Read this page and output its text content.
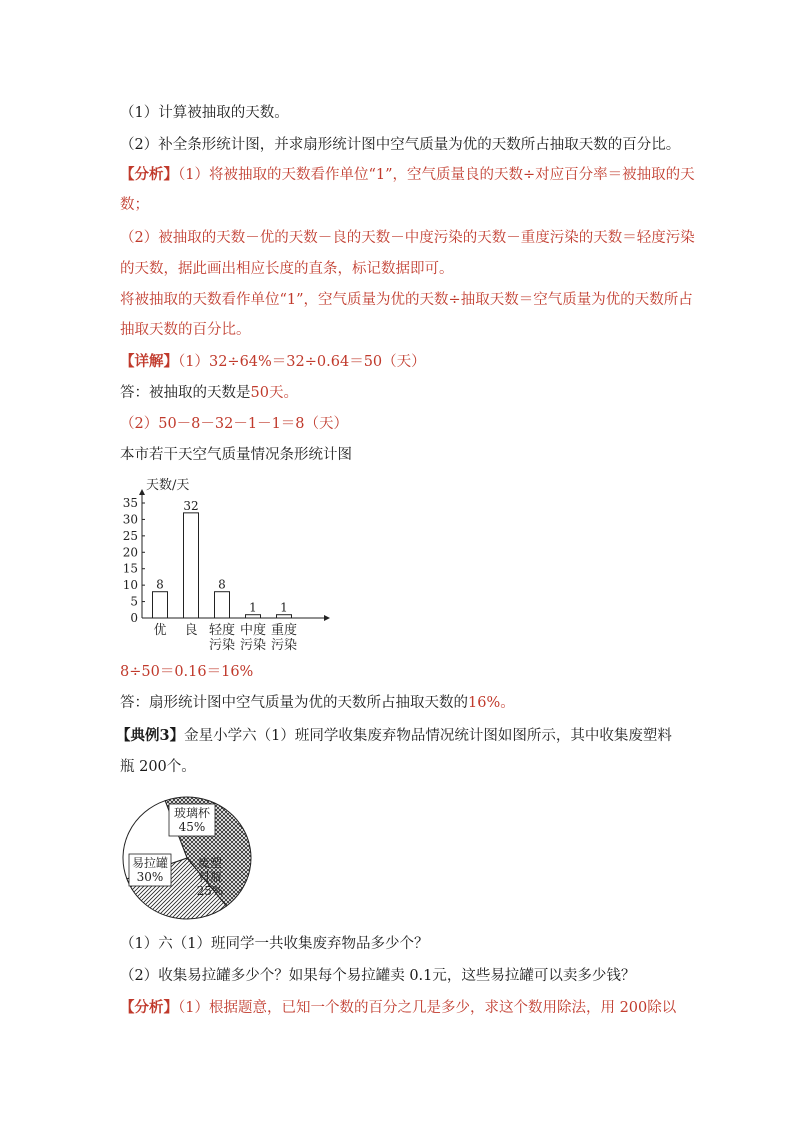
（1）计算被抽取的天数。
（2）补全条形统计图，并求扇形统计图中空气质量为优的天数所占抽取天数的百分比。
【分析】（1）将被抽取的天数看作单位“1”，空气质量良的天数÷对应百分率＝被抽取的天
数；
（2）被抽取的天数－优的天数－良的天数－中度污染的天数－重度污染的天数＝轻度污染
的天数，据此画出相应长度的直条，标记数据即可。
将被抽取的天数看作单位“1”，空气质量为优的天数÷抽取天数＝空气质量为优的天数所占
抽取天数的百分比。
【详解】（1）32÷64%＝32÷0.64＝50（天）
答：被抽取的天数是50天。
（2）50－8－32－1－1＝8（天）
本市若干天空气质量情况条形统计图
天数/天
0
5
10
15
20
25
30
35
8
优
32
良
8
轻度
污染
1
中度
污染
1
重度
污染
8÷50＝0.16＝16%
答：扇形统计图中空气质量为优的天数所占抽取天数的16%。
【典例3】金星小学六（1）班同学收集废弃物品情况统计图如图所示，其中收集废塑料
瓶 200个。
玻璃杯
45%
易拉罐
30%
废塑
料瓶
25%
（1）六（1）班同学一共收集废弃物品多少个？
（2）收集易拉罐多少个？如果每个易拉罐卖 0.1元，这些易拉罐可以卖多少钱？
【分析】（1）根据题意，已知一个数的百分之几是多少，求这个数用除法，用 200除以
